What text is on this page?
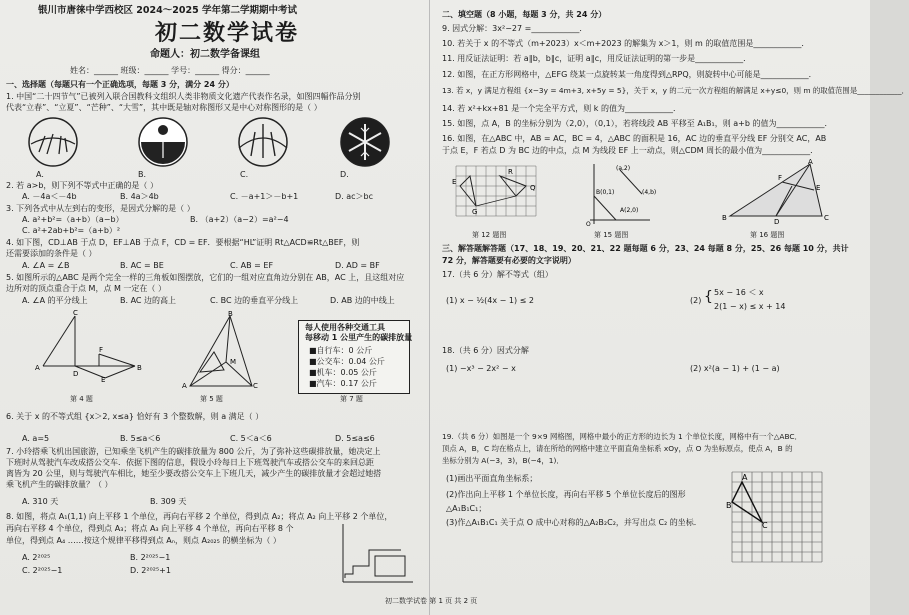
银川市唐徕中学西校区 2024～2025 学年第二学期期中考试
初二数学试卷
命题人：初二数学备课组
姓名：______ 班级：______ 学号：______ 得分：______
一、选择题（每题只有一个正确选项，每题 3 分，满分 24 分）
1. 中国“二十四节气”已被列入联合国教科文组织人类非物质文化遗产代表作名录，如图四幅作品分别
代表“立春”、“立夏”、“芒种”、“大雪”，其中既是轴对称图形又是中心对称图形的是（ ）
A.	B.	C.	D.
2. 若 a>b，则下列不等式中正确的是（ ）
A. －4a＜－4b	B. 4a＞4b	C. －a+1＞－b+1	D. ac＞bc
3. 下列各式中从左到右的变形，是因式分解的是（ ）
A. a²+b²=（a+b）（a−b）	B. （a+2）（a−2）=a²−4
C. a²+2ab+b²=（a+b）²
4. 如下图，CD⊥AB 于点 D，EF⊥AB 于点 F，CD = EF．要根据“HL”证明 Rt△ACD≌Rt△BEF，则
还需要添加的条件是（ ）
A. ∠A = ∠B	B. AC = BE	C. AB = EF	D. AD = BF
5. 如图所示的△ABC 是两个完全一样的三角板如图摆放，它们的一组对应直角边分别在 AB，AC 上，且这组对应
边所对的顶点重合于点 M，点 M 一定在（ ）
A. ∠A 的平分线上	B. AC 边的高上	C. BC 边的垂直平分线上	D. AB 边的中线上
A
C
D
F
B
E
B
A	C
M
每人使用各种交通工具
每移动 1 公里产生的碳排放量
■自行车：0 公斤
■公交车：0.04 公斤
■机车：0.05 公斤
■汽车：0.17 公斤
第 4 题	第 5 题	第 7 题
6. 关于 x 的不等式组 {x＞2, x≤a} 恰好有 3 个整数解，则 a 满足（ ）
A. a=5	B. 5≤a＜6	C. 5＜a＜6	D. 5≤a≤6
7. 小玲搭乘飞机出国旅游，已知乘坐飞机产生的碳排放量为 800 公斤，为了弥补这些碳排放量，她决定上
下班时从驾驶汽车改成搭公交车．依据下图的信息，假设小玲每日上下班驾驶汽车或搭公交车的来回总距
离皆为 20 公里，则与驾驶汽车相比，她至少要改搭公交车上下班几天，减少产生的碳排放量才会超过她搭
乘飞机产生的碳排放量？（ ）
A. 310 天	B. 309 天
8. 如图，将点 A₁(1,1) 向上平移 1 个单位，再向右平移 2 个单位，得到点 A₂；将点 A₂ 向上平移 2 个单位，
再向右平移 4 个单位，得到点 A₃；将点 A₃ 向上平移 4 个单位，再向右平移 8 个
单位，得到点 A₄ ……按这个规律平移得到点 Aₙ，则点 A₂₀₂₅ 的横坐标为（ ）
A. 2²⁰²⁵	B. 2²⁰²⁵−1
C. 2²⁰²⁵−1	D. 2²⁰²⁵+1
二、填空题（8 小题，每题 3 分，共 24 分）
9. 因式分解：3x²−27 =____________．
10. 若关于 x 的不等式（m+2023）x＜m+2023 的解集为 x＞1，则 m 的取值范围是____________．
11. 用反证法证明：若 a∥b，b∥c，证明 a∥c，用反证法证明的第一步是____________．
12. 如图，在正方形网格中，△EFG 绕某一点旋转某一角度得到△RPQ，则旋转中心可能是____________．
13. 若 x，y 满足方程组 {x−3y = 4m+3, x+5y = 5}，关于 x，y 的二元一次方程组的解满足 x+y≤0，则 m 的取值范围是____________．
14. 若 x²+kx+81 是一个完全平方式，则 k 的值为____________．
15. 如图，点 A，B 的坐标分别为（2,0），（0,1），若将线段 AB 平移至 A₁B₁，则 a+b 的值为____________．
16. 如图，在△ABC 中，AB = AC，BC = 4，△ABC 的面积是 16，AC 边的垂直平分线 EF 分别交 AC，AB
于点 E，F 若点 D 为 BC 边的中点，点 M 为线段 EF 上一动点，则△CDM 周长的最小值为____________．
E
G
Q
R
B(0,1)
A(2,0)
(a,2)
(4,b)
O
A
B	C
D
F
E
第 12 题图	第 15 题图	第 16 题图
三、解答题解答题（17、18、19、20、21、22 题每题 6 分，23、24 每题 8 分，25、26 每题 10 分，共计
72 分，解答题要有必要的文字说明）
17.（共 6 分）解不等式（组）
(1) x − ½(4x − 1) ≤ 2	(2) { 5x − 16 ＜ x
2(1 − x) ≤ x + 14
18.（共 6 分）因式分解
(1) −x³ − 2x² − x	(2) x²(a − 1) + (1 − a)
19.（共 6 分）如图是一个 9×9 网格图，网格中最小的正方形的边长为 1 个单位长度，网格中有一个△ABC．
顶点 A，B，C 均在格点上，请在所给的网格中建立平面直角坐标系 xOy，点 O 为坐标原点，使点 A，B 的
坐标分别为 A(−3，3)，B(−4，1)．
(1)画出平面直角坐标系；
(2)作出向上平移 1 个单位长度，再向右平移 5 个单位长度后的图形
△A₁B₁C₁；
(3)作△A₁B₁C₁ 关于点 O 成中心对称的△A₂B₂C₂，并写出点 C₂ 的坐标．
A
B
C
初二数学试卷 第 1 页 共 2 页
